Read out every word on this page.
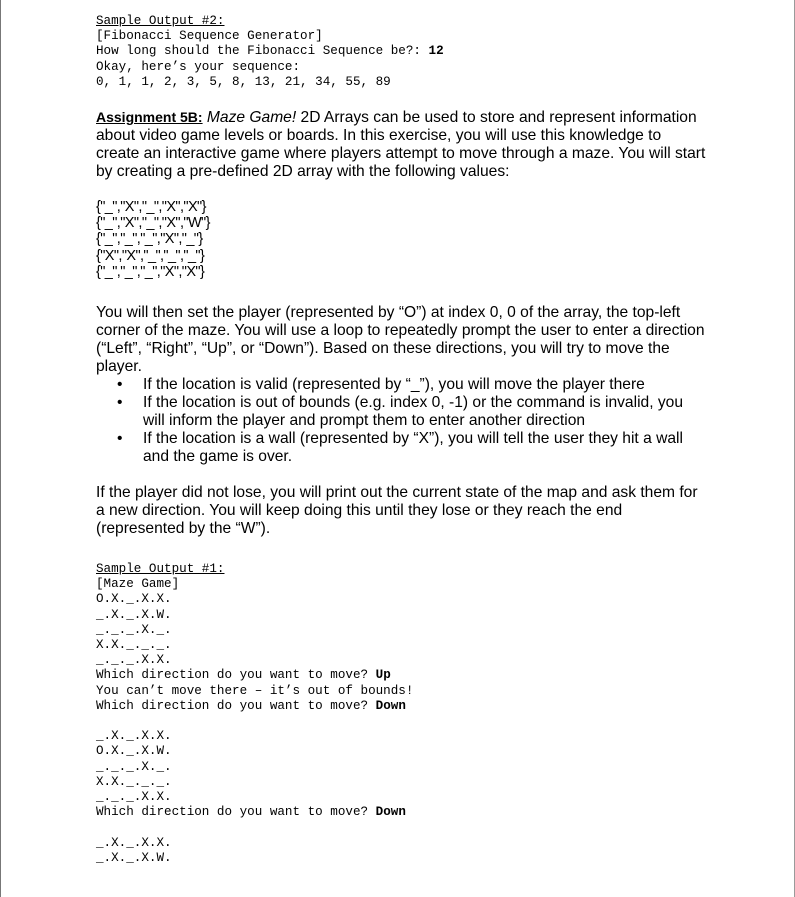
Sample Output #2:
[Fibonacci Sequence Generator]
How long should the Fibonacci Sequence be?: 12
Okay, here’s your sequence:
0, 1, 1, 2, 3, 5, 8, 13, 21, 34, 55, 89
Assignment 5B: Maze Game! 2D Arrays can be used to store and represent information about video game levels or boards. In this exercise, you will use this knowledge to create an interactive game where players attempt to move through a maze. You will start by creating a pre-defined 2D array with the following values:
{"_","X","_","X","X"}
{"_","X","_","X","W"}
{"_","_","_","X","_"}
{"X","X","_","_","_"}
{"_","_","_","X","X"}
You will then set the player (represented by “O”) at index 0, 0 of the array, the top-left corner of the maze. You will use a loop to repeatedly prompt the user to enter a direction (“Left”, “Right”, “Up”, or “Down”). Based on these directions, you will try to move the player.
• If the location is valid (represented by “_”), you will move the player there
• If the location is out of bounds (e.g. index 0, -1) or the command is invalid, you will inform the player and prompt them to enter another direction
• If the location is a wall (represented by “X”), you will tell the user they hit a wall and the game is over.
If the player did not lose, you will print out the current state of the map and ask them for a new direction. You will keep doing this until they lose or they reach the end (represented by the “W”).
Sample Output #1:
[Maze Game]
O.X._.X.X.
_.X._.X.W.
_._._.X._.
X.X._._._.
_._._.X.X.
Which direction do you want to move? Up
You can’t move there – it’s out of bounds!
Which direction do you want to move? Down

_.X._.X.X.
O.X._.X.W.
_._._.X._.
X.X._._._.
_._._.X.X.
Which direction do you want to move? Down

_.X._.X.X.
_.X._.X.W.
